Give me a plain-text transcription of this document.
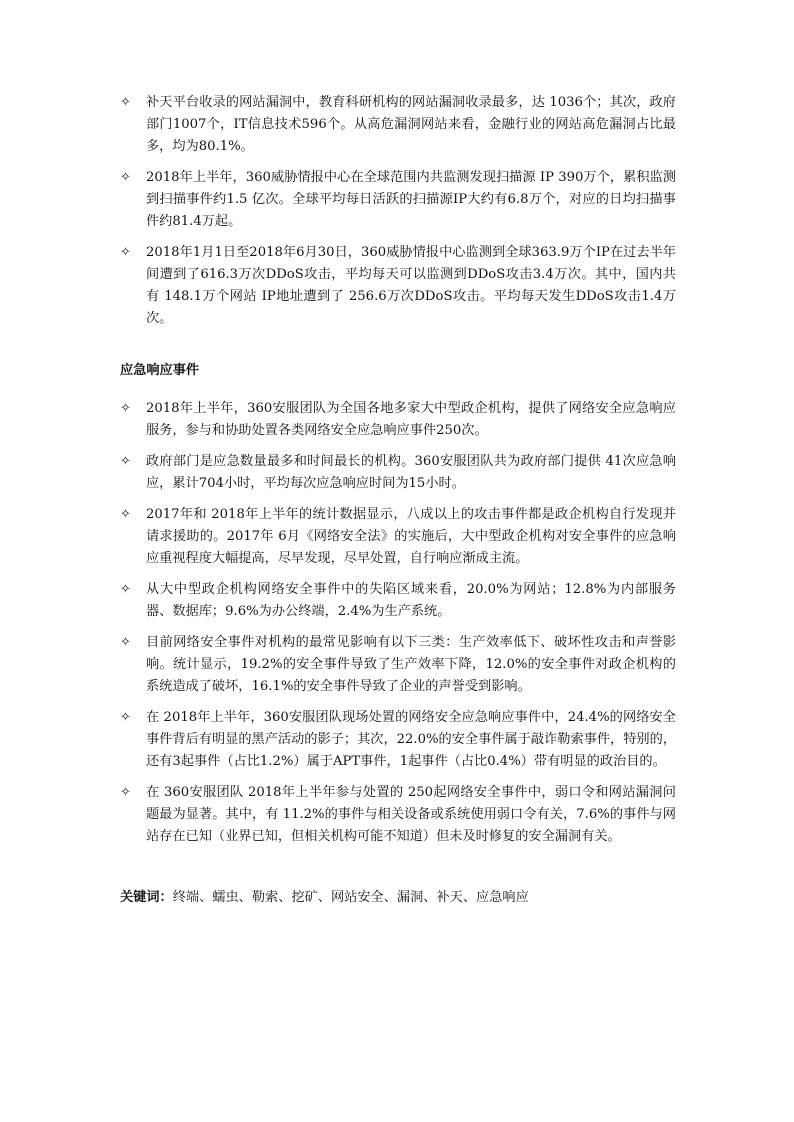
✧	补天平台收录的网站漏洞中，教育科研机构的网站漏洞收录最多，达 1036个；其次，政府部门1007个，IT信息技术596个。从高危漏洞网站来看，金融行业的网站高危漏洞占比最多，均为80.1%。
✧	2018年上半年，360威胁情报中心在全球范围内共监测发现扫描源 IP 390万个，累积监测到扫描事件约1.5 亿次。全球平均每日活跃的扫描源IP大约有6.8万个，对应的日均扫描事件约81.4万起。
✧	2018年1月1日至2018年6月30日，360威胁情报中心监测到全球363.9万个IP在过去半年间遭到了616.3万次DDoS攻击，平均每天可以监测到DDoS攻击3.4万次。其中，国内共有 148.1万个网站 IP地址遭到了 256.6万次DDoS攻击。平均每天发生DDoS攻击1.4万次。
应急响应事件
✧	2018年上半年，360安服团队为全国各地多家大中型政企机构，提供了网络安全应急响应服务，参与和协助处置各类网络安全应急响应事件250次。
✧	政府部门是应急数量最多和时间最长的机构。360安服团队共为政府部门提供 41次应急响应，累计704小时，平均每次应急响应时间为15小时。
✧	2017年和 2018年上半年的统计数据显示，八成以上的攻击事件都是政企机构自行发现并请求援助的。2017年 6月《网络安全法》的实施后，大中型政企机构对安全事件的应急响应重视程度大幅提高，尽早发现，尽早处置，自行响应渐成主流。
✧	从大中型政企机构网络安全事件中的失陷区域来看，20.0%为网站；12.8%为内部服务器、数据库；9.6%为办公终端，2.4%为生产系统。
✧	目前网络安全事件对机构的最常见影响有以下三类：生产效率低下、破坏性攻击和声誉影响。统计显示，19.2%的安全事件导致了生产效率下降，12.0%的安全事件对政企机构的系统造成了破坏，16.1%的安全事件导致了企业的声誉受到影响。
✧	在 2018年上半年，360安服团队现场处置的网络安全应急响应事件中，24.4%的网络安全事件背后有明显的黑产活动的影子；其次，22.0%的安全事件属于敲诈勒索事件，特别的，还有3起事件（占比1.2%）属于APT事件，1起事件（占比0.4%）带有明显的政治目的。
✧	在 360安服团队 2018年上半年参与处置的 250起网络安全事件中，弱口令和网站漏洞问题最为显著。其中，有 11.2%的事件与相关设备或系统使用弱口令有关，7.6%的事件与网站存在已知（业界已知，但相关机构可能不知道）但未及时修复的安全漏洞有关。
关键词：终端、蠕虫、勒索、挖矿、网站安全、漏洞、补天、应急响应
